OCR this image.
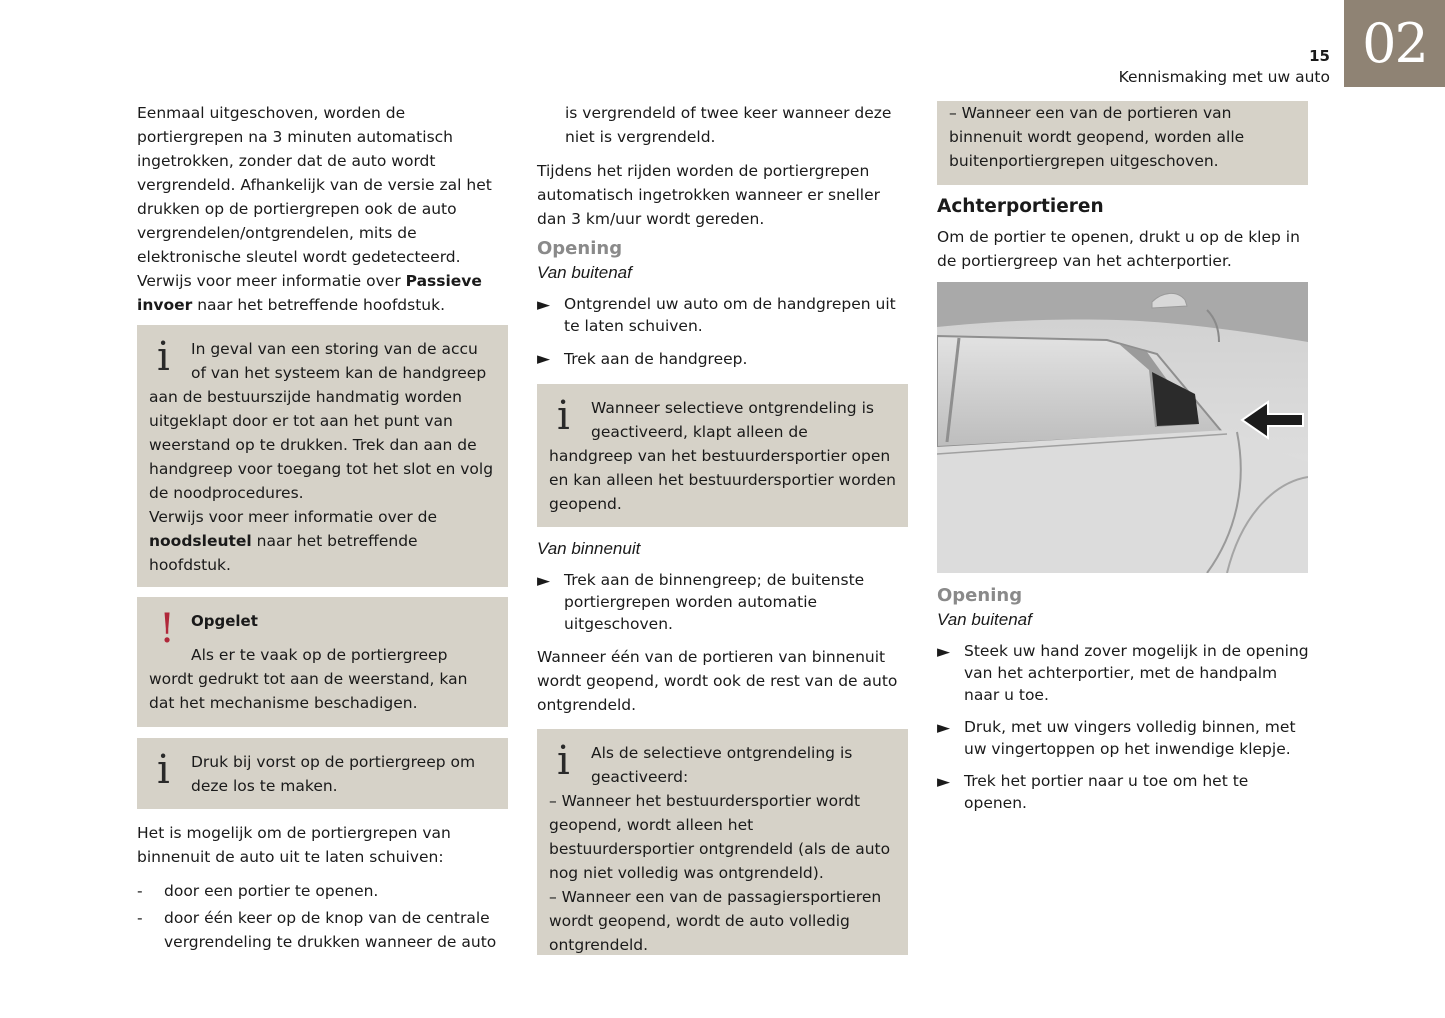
02
15
Kennismaking met uw auto

Eenmaal uitgeschoven, worden de portiergrepen na 3 minuten automatisch ingetrokken, zonder dat de auto wordt vergrendeld. Afhankelijk van de versie zal het drukken op de portiergrepen ook de auto vergrendelen/ontgrendelen, mits de elektronische sleutel wordt gedetecteerd. Verwijs voor meer informatie over Passieve invoer naar het betreffende hoofdstuk.

i	In geval van een storing van de accu of van het systeem kan de handgreep aan de bestuurszijde handmatig worden uitgeklapt door er tot aan het punt van weerstand op te drukken. Trek dan aan de handgreep voor toegang tot het slot en volg de noodprocedures.

Verwijs voor meer informatie over de noodsleutel naar het betreffende hoofdstuk.

!	Opgelet

Als er te vaak op de portiergreep wordt gedrukt tot aan de weerstand, kan dat het mechanisme beschadigen.

i	Druk bij vorst op de portiergreep om deze los te maken.

Het is mogelijk om de portiergrepen van binnenuit de auto uit te laten schuiven:

-	door een portier te openen.
-	door één keer op de knop van de centrale vergrendeling te drukken wanneer de auto

is vergrendeld of twee keer wanneer deze niet is vergrendeld.

Tijdens het rijden worden de portiergrepen automatisch ingetrokken wanneer er sneller dan 3 km/uur wordt gereden.

Opening
Van buitenaf
► Ontgrendel uw auto om de handgrepen uit te laten schuiven.
► Trek aan de handgreep.
i	Wanneer selectieve ontgrendeling is geactiveerd, klapt alleen de handgreep van het bestuurdersportier open en kan alleen het bestuurdersportier worden geopend.

Van binnenuit
► Trek aan de binnengreep; de buitenste portiergrepen worden automatie uitgeschoven.

Wanneer één van de portieren van binnenuit wordt geopend, wordt ook de rest van de auto ontgrendeld.

i	Als de selectieve ontgrendeling is geactiveerd:

– Wanneer het bestuurdersportier wordt geopend, wordt alleen het bestuurdersportier ontgrendeld (als de auto nog niet volledig was ontgrendeld).

– Wanneer een van de passagiersportieren wordt geopend, wordt de auto volledig ontgrendeld.

– Wanneer een van de portieren van binnenuit wordt geopend, worden alle buitenportiergrepen uitgeschoven.

Achterportieren

Om de portier te openen, drukt u op de klep in de portiergreep van het achterportier.

Opening
Van buitenaf
► Steek uw hand zover mogelijk in de opening van het achterportier, met de handpalm naar u toe.
► Druk, met uw vingers volledig binnen, met uw vingertoppen op het inwendige klepje.
► Trek het portier naar u toe om het te openen.
